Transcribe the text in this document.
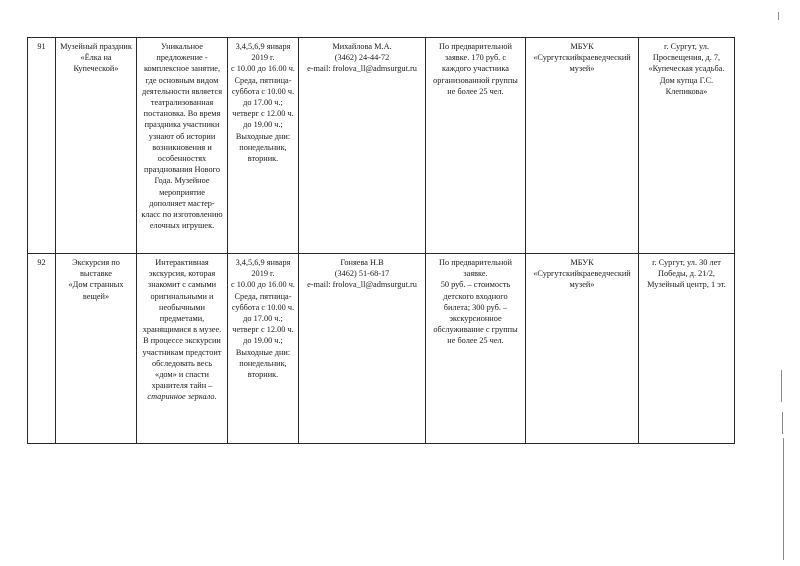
91	Музейный праздник
«Ёлка на
Купеческой»

Уникальное
предложение -
комплексное занятие,
где основным видом
деятельности является
театрализованная
постановка. Во время
праздника участники
узнают об истории
возникновения и
особенностях
празднования Нового
Года. Музейное
мероприятие
дополняет мастер-
класс по изготовлению
елочных игрушек.

3,4,5,6,9 января
2019 г.
с 10.00 до 16.00 ч.
Среда, пятница-
суббота с 10.00 ч.
до 17.00 ч.;
четверг с 12.00 ч.
до 19.00 ч.;
Выходные дни:
понедельник,
вторник.

Михайлова М.А.
(3462) 24-44-72
e-mail: frolova_ll@admsurgut.ru

По предварительной
заявке. 170 руб. с
каждого участника
организованной группы
не более 25 чел.

МБУК
«Сургутскийкраеведческий
музей»

г. Сургут, ул.
Просвещения, д. 7,
«Купеческая усадьба.
Дом купца Г.С.
Клепикова»

92	Экскурсия по
выставке
«Дом странных
вещей»

Интерактивная
экскурсия, которая
знакомит с самыми
оригинальными и
необычными
предметами,
хранящимися в музее.
В процессе экскурсии
участникам предстоит
обследовать весь
«дом» и спасти
хранителя тайн –
старинное зеркало.

3,4,5,6,9 января
2019 г.
с 10.00 до 16.00 ч.
Среда, пятница-
суббота с 10.00 ч.
до 17.00 ч.;
четверг с 12.00 ч.
до 19.00 ч.;
Выходные дни:
понедельник,
вторник.

Гоняева Н.В
(3462) 51-68-17
e-mail: frolova_ll@admsurgut.ru

По предварительной
заявке.
50 руб. – стоимость
детского входного
билета; 300 руб. –
экскурсионное
обслуживание с группы
не более 25 чел.

МБУК
«Сургутскийкраеведческий
музей»

г. Сургут, ул. 30 лет
Победы, д. 21/2,
Музейный центр, 1 эт.
